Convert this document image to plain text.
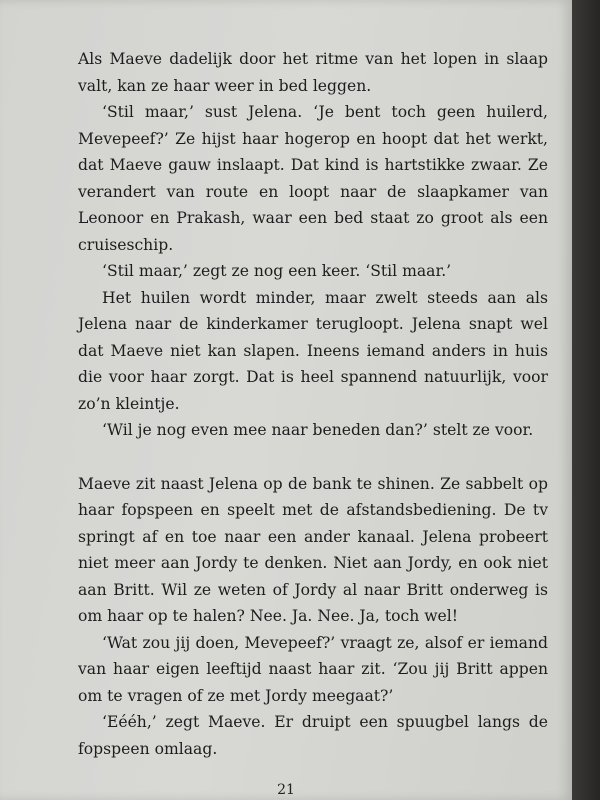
Als Maeve dadelijk door het ritme van het lopen in slaap valt, kan ze haar weer in bed leggen.

‘Stil maar,’ sust Jelena. ‘Je bent toch geen huilerd, Mevepeef?’ Ze hijst haar hogerop en hoopt dat het werkt, dat Maeve gauw inslaapt. Dat kind is hartstikke zwaar. Ze verandert van route en loopt naar de slaapkamer van Leonoor en Prakash, waar een bed staat zo groot als een cruiseschip.

‘Stil maar,’ zegt ze nog een keer. ‘Stil maar.’

Het huilen wordt minder, maar zwelt steeds aan als Jelena naar de kinderkamer terugloopt. Jelena snapt wel dat Maeve niet kan slapen. Ineens iemand anders in huis die voor haar zorgt. Dat is heel spannend natuurlijk, voor zo’n kleintje.

‘Wil je nog even mee naar beneden dan?’ stelt ze voor.

Maeve zit naast Jelena op de bank te shinen. Ze sabbelt op haar fopspeen en speelt met de afstandsbediening. De tv springt af en toe naar een ander kanaal. Jelena probeert niet meer aan Jordy te denken. Niet aan Jordy, en ook niet aan Britt. Wil ze weten of Jordy al naar Britt onderweg is om haar op te halen? Nee. Ja. Nee. Ja, toch wel!

‘Wat zou jij doen, Mevepeef?’ vraagt ze, alsof er iemand van haar eigen leeftijd naast haar zit. ‘Zou jij Britt appen om te vragen of ze met Jordy meegaat?’

‘Eééh,’ zegt Maeve. Er druipt een spuugbel langs de fopspeen omlaag.

21
